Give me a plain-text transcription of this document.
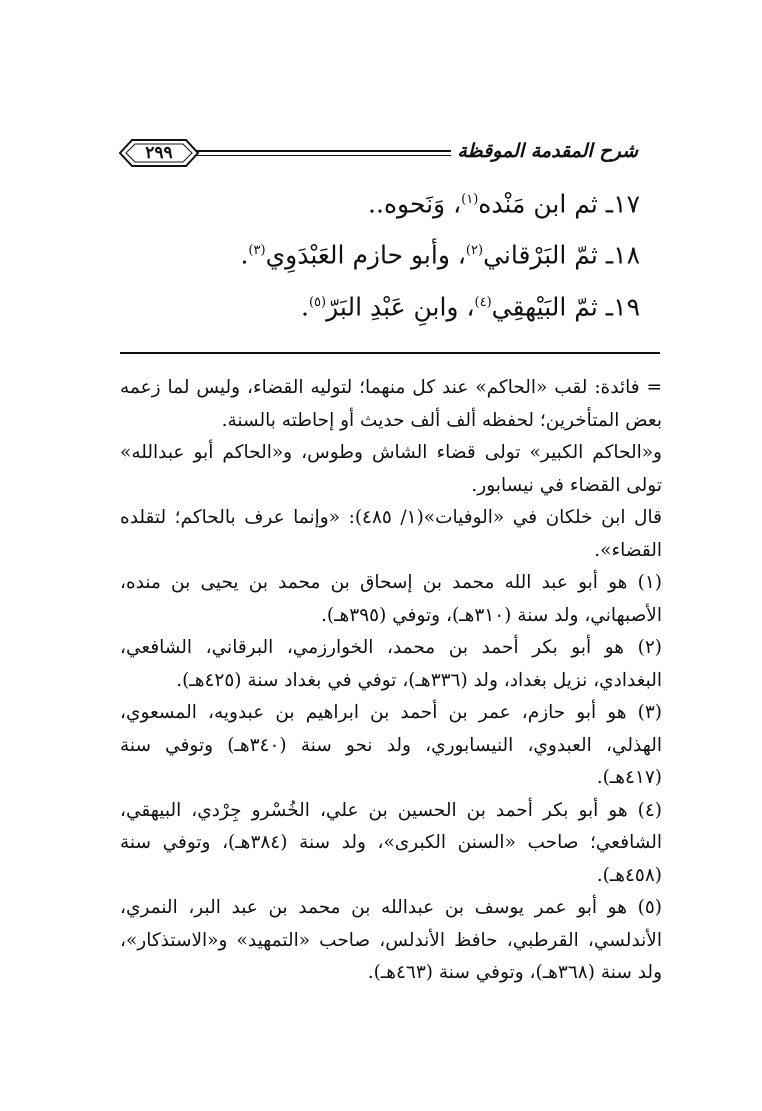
شرح المقدمة الموقظة
٢٩٩

١٧ـ ثم ابن مَنْده$^{(١)}$، وَنَحوه..

١٨ـ ثمّ البَرْقاني$^{(٢)}$، وأبو حازم العَبْدَوِي$^{(٣)}$.

١٩ـ ثمّ البَيْهقِي$^{(٤)}$، وابنِ عَبْدِ البَرّ$^{(٥)}$.

= فائدة: لقب «الحاكم» عند كل منهما؛ لتوليه القضاء، وليس لما زعمه بعض المتأخرين؛ لحفظه ألف ألف حديث أو إحاطته بالسنة.

و«الحاكم الكبير» تولى قضاء الشاش وطوس، و«الحاكم أبو عبدالله» تولى القضاء في نيسابور.

قال ابن خلكان في «الوفيات»(١/ ٤٨٥): «وإنما عرف بالحاكم؛ لتقلده القضاء».

(١) هو أبو عبد الله محمد بن إسحاق بن محمد بن يحيى بن منده، الأصبهاني، ولد سنة (٣١٠هـ)، وتوفي (٣٩٥هـ).

(٢) هو أبو بكر أحمد بن محمد، الخوارزمي، البرقاني، الشافعي، البغدادي، نزيل بغداد، ولد (٣٣٦هـ)، توفي في بغداد سنة (٤٢٥هـ).

(٣) هو أبو حازم، عمر بن أحمد بن ابراهيم بن عبدويه، المسعوي، الهذلي، العبدوي، النيسابوري، ولد نحو سنة (٣٤٠هـ) وتوفي سنة (٤١٧هـ).

(٤) هو أبو بكر أحمد بن الحسين بن علي، الخُسْرو جِرْدي، البيهقي، الشافعي؛ صاحب «السنن الكبرى»، ولد سنة (٣٨٤هـ)، وتوفي سنة (٤٥٨هـ).

(٥) هو أبو عمر يوسف بن عبدالله بن محمد بن عبد البر، النمري، الأندلسي، القرطبي، حافظ الأندلس، صاحب «التمهيد» و«الاستذكار»، ولد سنة (٣٦٨هـ)، وتوفي سنة (٤٦٣هـ).
